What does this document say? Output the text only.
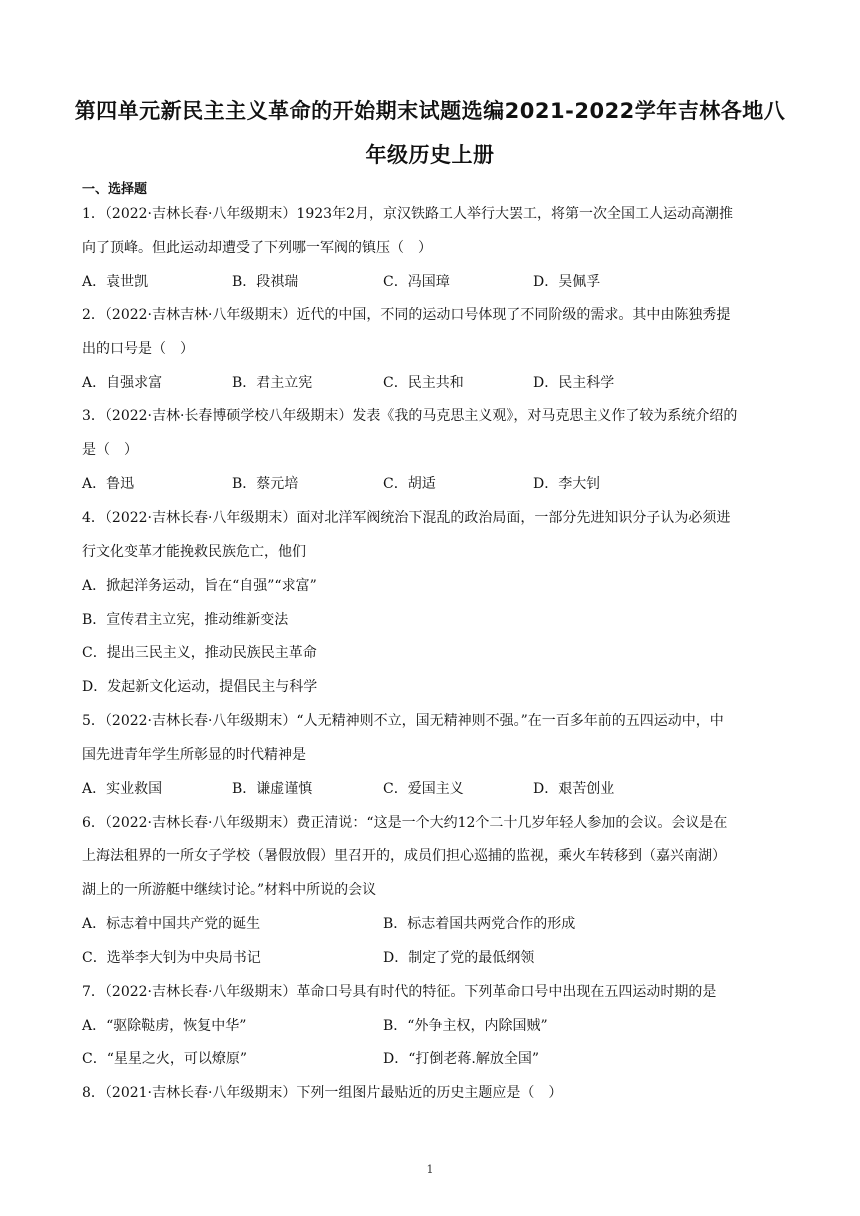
第四单元新民主主义革命的开始期末试题选编2021-2022学年吉林各地八
年级历史上册
一、选择题
1．（2022·吉林长春·八年级期末）1923年2月，京汉铁路工人举行大罢工，将第一次全国工人运动高潮推
向了顶峰。但此运动却遭受了下列哪一军阀的镇压（　）
A．袁世凯	B．段祺瑞	C．冯国璋	D．吴佩孚
2．（2022·吉林吉林·八年级期末）近代的中国，不同的运动口号体现了不同阶级的需求。其中由陈独秀提
出的口号是（　）
A．自强求富	B．君主立宪	C．民主共和	D．民主科学
3．（2022·吉林·长春博硕学校八年级期末）发表《我的马克思主义观》，对马克思主义作了较为系统介绍的
是（　）
A．鲁迅	B．蔡元培	C．胡适	D．李大钊
4．（2022·吉林长春·八年级期末）面对北洋军阀统治下混乱的政治局面，一部分先进知识分子认为必须进
行文化变革才能挽救民族危亡，他们
A．掀起洋务运动，旨在“自强”“求富”
B．宣传君主立宪，推动维新变法
C．提出三民主义，推动民族民主革命
D．发起新文化运动，提倡民主与科学
5．（2022·吉林长春·八年级期末）“人无精神则不立，国无精神则不强。”在一百多年前的五四运动中，中
国先进青年学生所彰显的时代精神是
A．实业救国	B．谦虚谨慎	C．爱国主义	D．艰苦创业
6．（2022·吉林长春·八年级期末）费正清说：“这是一个大约12个二十几岁年轻人参加的会议。会议是在
上海法租界的一所女子学校（暑假放假）里召开的，成员们担心巡捕的监视，乘火车转移到（嘉兴南湖）
湖上的一所游艇中继续讨论。”材料中所说的会议
A．标志着中国共产党的诞生	B．标志着国共两党合作的形成
C．选举李大钊为中央局书记	D．制定了党的最低纲领
7．（2022·吉林长春·八年级期末）革命口号具有时代的特征。下列革命口号中出现在五四运动时期的是
A．“驱除鞑虏，恢复中华”	B．“外争主权，内除国贼”
C．“星星之火，可以燎原”	D．“打倒老蒋.解放全国”
8．（2021·吉林长春·八年级期末）下列一组图片最贴近的历史主题应是（　）
1
